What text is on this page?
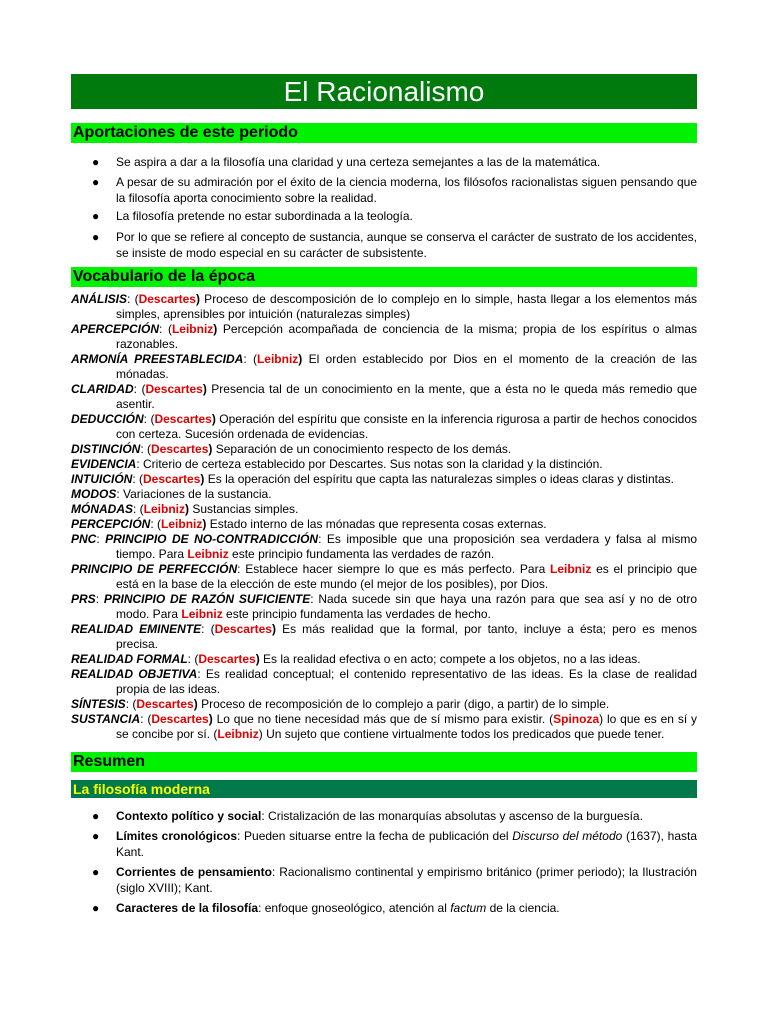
El Racionalismo
Aportaciones de este periodo
● Se aspira a dar a la filosofía una claridad y una certeza semejantes a las de la matemática.
● A pesar de su admiración por el éxito de la ciencia moderna, los filósofos racionalistas siguen pensando que la filosofía aporta conocimiento sobre la realidad.
● La filosofía pretende no estar subordinada a la teología.
● Por lo que se refiere al concepto de sustancia, aunque se conserva el carácter de sustrato de los accidentes, se insiste de modo especial en su carácter de subsistente.
Vocabulario de la época
ANÁLISIS: (Descartes) Proceso de descomposición de lo complejo en lo simple, hasta llegar a los elementos más simples, aprensibles por intuición (naturalezas simples)
APERCEPCIÓN: (Leibniz) Percepción acompañada de conciencia de la misma; propia de los espíritus o almas razonables.
ARMONÍA PREESTABLECIDA: (Leibniz) El orden establecido por Dios en el momento de la creación de las mónadas.
CLARIDAD: (Descartes) Presencia tal de un conocimiento en la mente, que a ésta no le queda más remedio que asentir.
DEDUCCIÓN: (Descartes) Operación del espíritu que consiste en la inferencia rigurosa a partir de hechos conocidos con certeza. Sucesión ordenada de evidencias.
DISTINCIÓN: (Descartes) Separación de un conocimiento respecto de los demás.
EVIDENCIA: Criterio de certeza establecido por Descartes. Sus notas son la claridad y la distinción.
INTUICIÓN: (Descartes) Es la operación del espíritu que capta las naturalezas simples o ideas claras y distintas.
MODOS: Variaciones de la sustancia.
MÓNADAS: (Leibniz) Sustancias simples.
PERCEPCIÓN: (Leibniz) Estado interno de las mónadas que representa cosas externas.
PNC: PRINCIPIO DE NO-CONTRADICCIÓN: Es imposible que una proposición sea verdadera y falsa al mismo tiempo. Para Leibniz este principio fundamenta las verdades de razón.
PRINCIPIO DE PERFECCIÓN: Establece hacer siempre lo que es más perfecto. Para Leibniz es el principio que está en la base de la elección de este mundo (el mejor de los posibles), por Dios.
PRS: PRINCIPIO DE RAZÓN SUFICIENTE: Nada sucede sin que haya una razón para que sea así y no de otro modo. Para Leibniz este principio fundamenta las verdades de hecho.
REALIDAD EMINENTE: (Descartes) Es más realidad que la formal, por tanto, incluye a ésta; pero es menos precisa.
REALIDAD FORMAL: (Descartes) Es la realidad efectiva o en acto; compete a los objetos, no a las ideas.
REALIDAD OBJETIVA: Es realidad conceptual; el contenido representativo de las ideas. Es la clase de realidad propia de las ideas.
SÍNTESIS: (Descartes) Proceso de recomposición de lo complejo a parir (digo, a partir) de lo simple.
SUSTANCIA: (Descartes) Lo que no tiene necesidad más que de sí mismo para existir. (Spinoza) lo que es en sí y se concibe por sí. (Leibniz) Un sujeto que contiene virtualmente todos los predicados que puede tener.
Resumen
La filosofía moderna
● Contexto político y social: Cristalización de las monarquías absolutas y ascenso de la burguesía.
● Límites cronológicos: Pueden situarse entre la fecha de publicación del Discurso del método (1637), hasta Kant.
● Corrientes de pensamiento: Racionalismo continental y empirismo británico (primer periodo); la Ilustración (siglo XVIII); Kant.
● Caracteres de la filosofía: enfoque gnoseológico, atención al factum de la ciencia.
